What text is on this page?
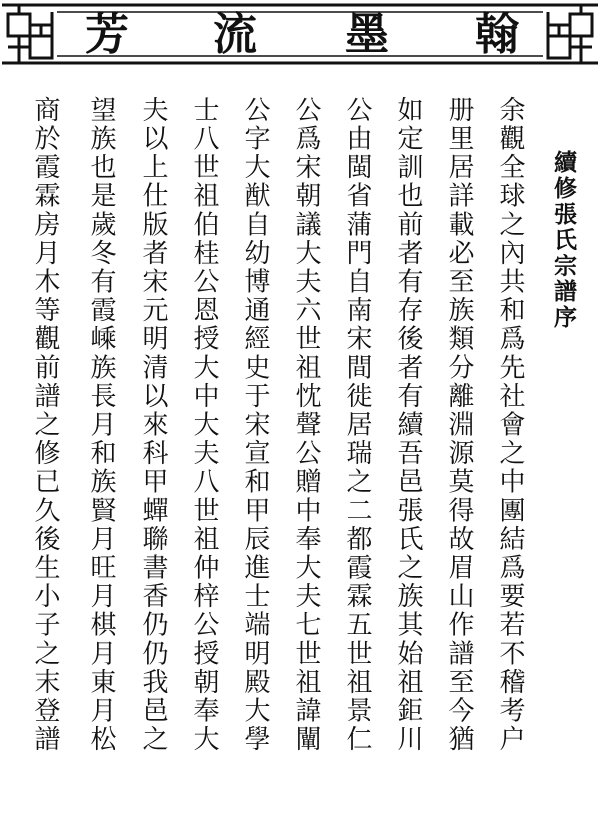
芳 流 墨 翰
續修張氏宗譜序
余觀全球之內共和爲先社會之中團結爲要若不稽考户
册里居詳載必至族類分離淵源莫得故眉山作譜至今猶
如定訓也前者有存後者有續吾邑張氏之族其始祖鉅川
公由閩省蒲門自南宋間徙居瑞之二都霞霖五世祖景仁
公爲宋朝議大夫六世祖忱聲公贈中奉大夫七世祖諱闡
公字大猷自幼博通經史于宋宣和甲辰進士端明殿大學
士八世祖伯桂公恩授大中大夫八世祖仲梓公授朝奉大
夫以上仕版者宋元明清以來科甲蟬聯書香仍仍我邑之
望族也是歲冬有霞嵊族長月和族賢月旺月棋月東月松
商於霞霖房月木等觀前譜之修已久後生小子之末登譜
